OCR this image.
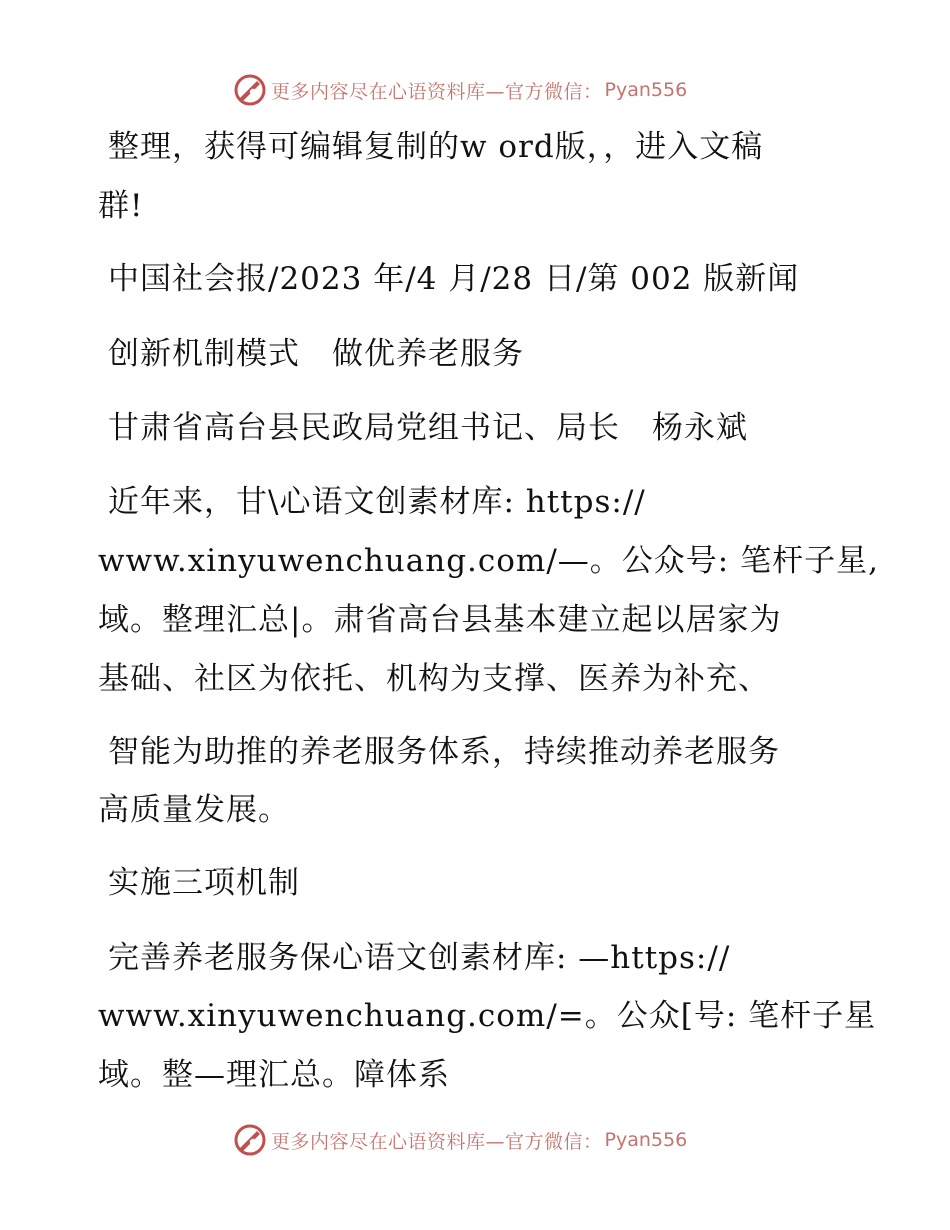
更多内容尽在心语资料库—官方微信： Pyan556
整理，获得可编辑复制的w ord版，，进入文稿
群!
中国社会报/2023 年/4 月/28 日/第 002 版新闻
创新机制模式　做优养老服务
甘肃省高台县民政局党组书记、局长　杨永斌
近年来，甘\心语文创素材库: https://
www.xinyuwenchuang.com/—。公众号: 笔杆子星,
域。整理汇总|。肃省高台县基本建立起以居家为
基础、社区为依托、机构为支撑、医养为补充、
智能为助推的养老服务体系，持续推动养老服务
高质量发展。
实施三项机制
完善养老服务保心语文创素材库: —https://
www.xinyuwenchuang.com/=。公众[号: 笔杆子星
域。整—理汇总。障体系
更多内容尽在心语资料库—官方微信： Pyan556
